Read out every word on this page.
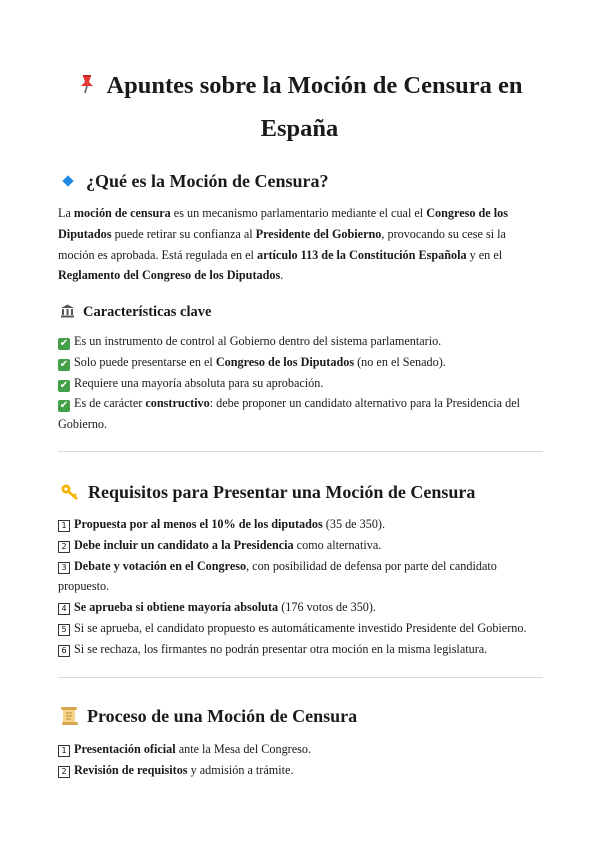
Apuntes sobre la Moción de Censura en España
¿Qué es la Moción de Censura?
La moción de censura es un mecanismo parlamentario mediante el cual el Congreso de los Diputados puede retirar su confianza al Presidente del Gobierno, provocando su cese si la moción es aprobada. Está regulada en el artículo 113 de la Constitución Española y en el Reglamento del Congreso de los Diputados.
Características clave
✔ Es un instrumento de control al Gobierno dentro del sistema parlamentario.
✔ Solo puede presentarse en el Congreso de los Diputados (no en el Senado).
✔ Requiere una mayoría absoluta para su aprobación.
✔ Es de carácter constructivo: debe proponer un candidato alternativo para la Presidencia del Gobierno.
Requisitos para Presentar una Moción de Censura
1 Propuesta por al menos el 10% de los diputados (35 de 350).
2 Debe incluir un candidato a la Presidencia como alternativa.
3 Debate y votación en el Congreso, con posibilidad de defensa por parte del candidato propuesto.
4 Se aprueba si obtiene mayoría absoluta (176 votos de 350).
5 Si se aprueba, el candidato propuesto es automáticamente investido Presidente del Gobierno.
6 Si se rechaza, los firmantes no podrán presentar otra moción en la misma legislatura.
Proceso de una Moción de Censura
1 Presentación oficial ante la Mesa del Congreso.
2 Revisión de requisitos y admisión a trámite.
